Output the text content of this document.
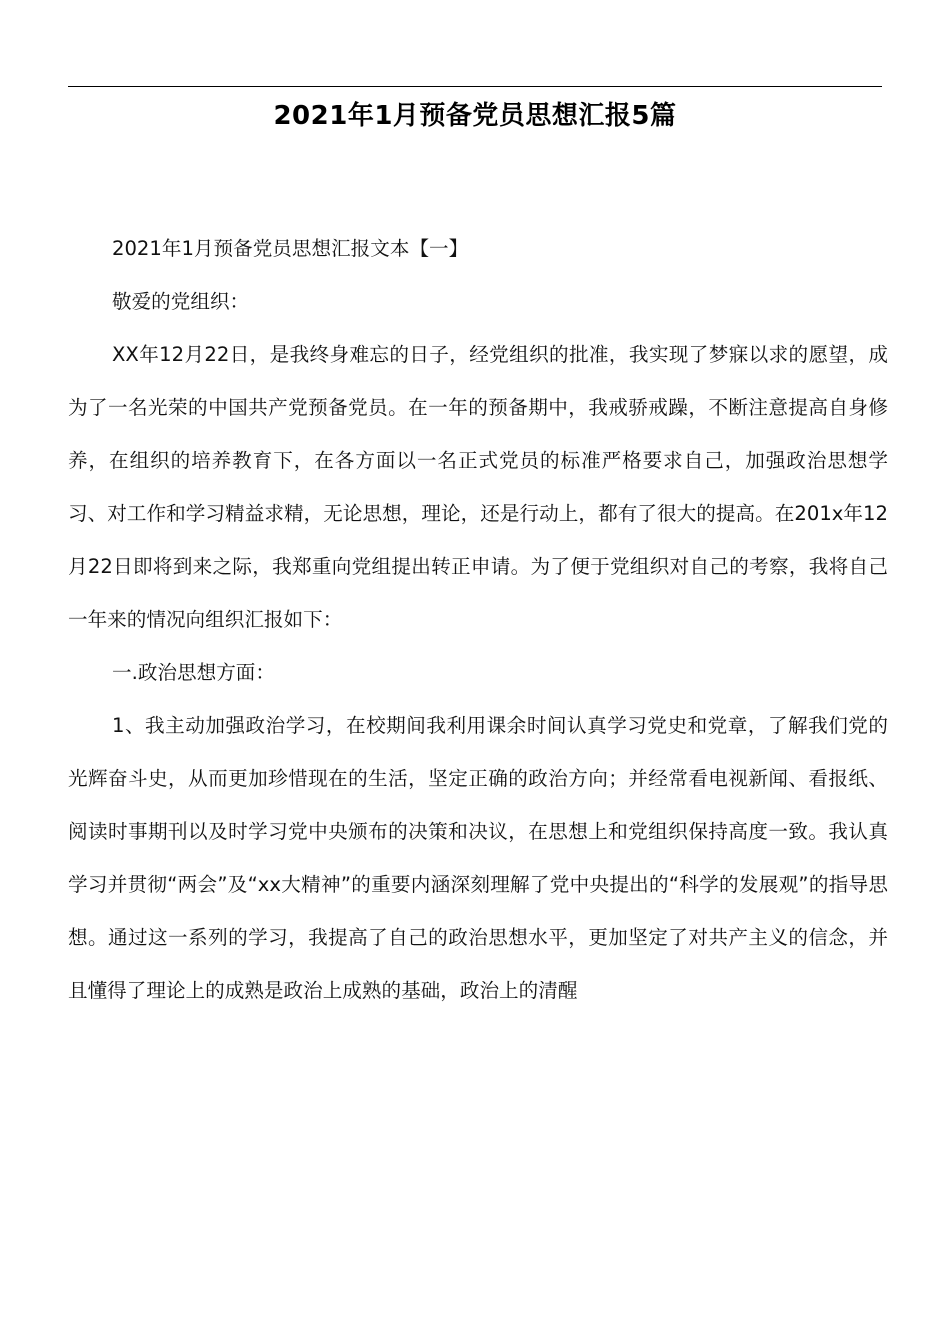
2021年1月预备党员思想汇报5篇

2021年1月预备党员思想汇报文本【一】

敬爱的党组织：

XX年12月22日，是我终身难忘的日子，经党组织的批准，我实现了梦寐以求的愿望，成为了一名光荣的中国共产党预备党员。在一年的预备期中，我戒骄戒躁，不断注意提高自身修养，在组织的培养教育下，在各方面以一名正式党员的标准严格要求自己，加强政治思想学习、对工作和学习精益求精，无论思想，理论，还是行动上，都有了很大的提高。在201x年12月22日即将到来之际，我郑重向党组提出转正申请。为了便于党组织对自己的考察，我将自己一年来的情况向组织汇报如下：

一.政治思想方面：

1、我主动加强政治学习，在校期间我利用课余时间认真学习党史和党章，了解我们党的光辉奋斗史，从而更加珍惜现在的生活，坚定正确的政治方向；并经常看电视新闻、看报纸、阅读时事期刊以及时学习党中央颁布的决策和决议，在思想上和党组织保持高度一致。我认真学习并贯彻“两会”及“xx大精神”的重要内涵深刻理解了党中央提出的“科学的发展观”的指导思想。通过这一系列的学习，我提高了自己的政治思想水平，更加坚定了对共产主义的信念，并且懂得了理论上的成熟是政治上成熟的基础，政治上的清醒
